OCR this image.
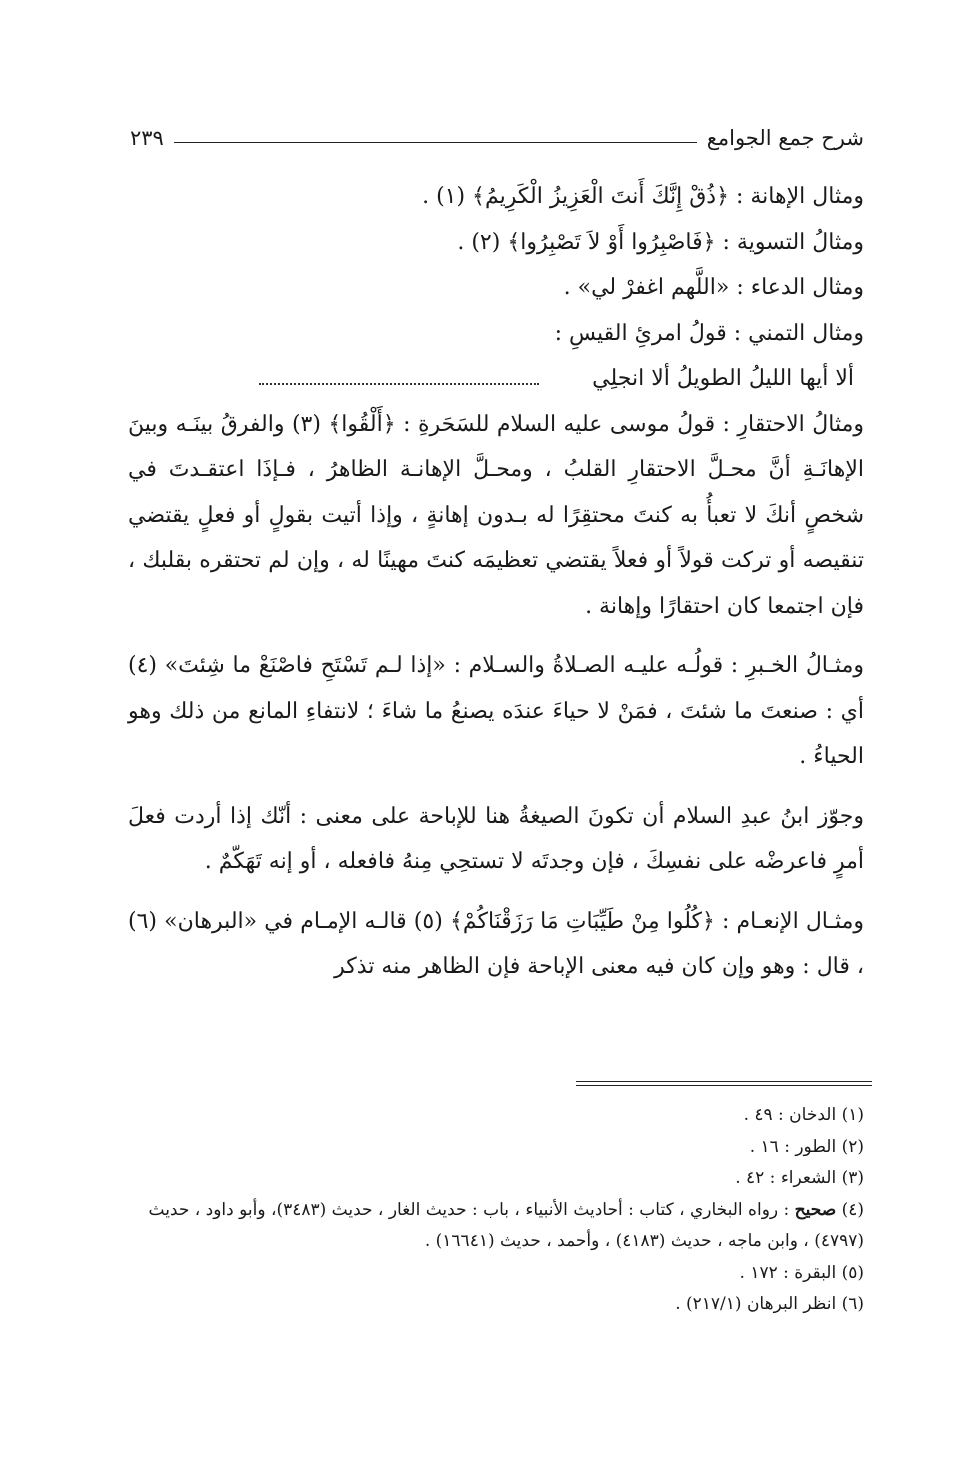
شرح جمع الجوامع
٢٣٩

ومثال الإهانة : ﴿ذُقْ إِنَّكَ أَنتَ الْعَزِيزُ الْكَرِيمُ﴾ (١) .

ومثالُ التسوية : ﴿فَاصْبِرُوا أَوْ لاَ تَصْبِرُوا﴾ (٢) .

ومثال الدعاء : «اللَّهم اغفرْ لي» .

ومثال التمني : قولُ امرئِ القيسِ :

ألا أيها الليلُ الطويلُ ألا انجلِي

ومثالُ الاحتقارِ : قولُ موسى عليه السلام للسَحَرةِ : ﴿أَلْقُوا﴾ (٣) والفرقُ بينَـه وبينَ الإهانَـةِ أنَّ محـلَّ الاحتقارِ القلبُ ، ومحـلَّ الإهانـة الظاهرُ ، فـإذَا اعتقـدتَ في شخصٍ أنكَ لا تعبأُ به كنتَ محتقِرًا له بـدون إهانةٍ ، وإذا أتيت بقولٍ أو فعلٍ يقتضي تنقيصه أو تركت قولاً أو فعلاً يقتضي تعظيمَه كنتَ مهينًا له ، وإن لم تحتقره بقلبك ، فإن اجتمعا كان احتقارًا وإهانة .

ومثـالُ الخـبرِ : قولُـه عليـه الصـلاةُ والسـلام : «إذا لـم تَسْتَحِ فاصْنَعْ ما شِئتَ» (٤) أي : صنعتَ ما شئتَ ، فمَنْ لا حياءَ عندَه يصنعُ ما شاءَ ؛ لانتفاءِ المانع من ذلك وهو الحياءُ .

وجوّز ابنُ عبدِ السلام أن تكونَ الصيغةُ هنا للإباحة على معنى : أنّك إذا أردت فعلَ أمرٍ فاعرضْه على نفسِكَ ، فإن وجدتَه لا تستحِي مِنهُ فافعله ، أو إنه تَهَكّمٌ .

ومثـال الإنعـام : ﴿كُلُوا مِنْ طَيِّبَاتِ مَا رَزَقْنَاكُمْ﴾ (٥) قالـه الإمـام في «البرهان» (٦) ، قال : وهو وإن كان فيه معنى الإباحة فإن الظاهر منه تذكر

(١) الدخان : ٤٩ .

(٢) الطور : ١٦ .

(٣) الشعراء : ٤٢ .

(٤) صحيح : رواه البخاري ، كتاب : أحاديث الأنبياء ، باب : حديث الغار ، حديث (٣٤٨٣)، وأبو داود ، حديث (٤٧٩٧) ، وابن ماجه ، حديث (٤١٨٣) ، وأحمد ، حديث (١٦٦٤١) .

(٥) البقرة : ١٧٢ .

(٦) انظر البرهان (٢١٧/١) .
